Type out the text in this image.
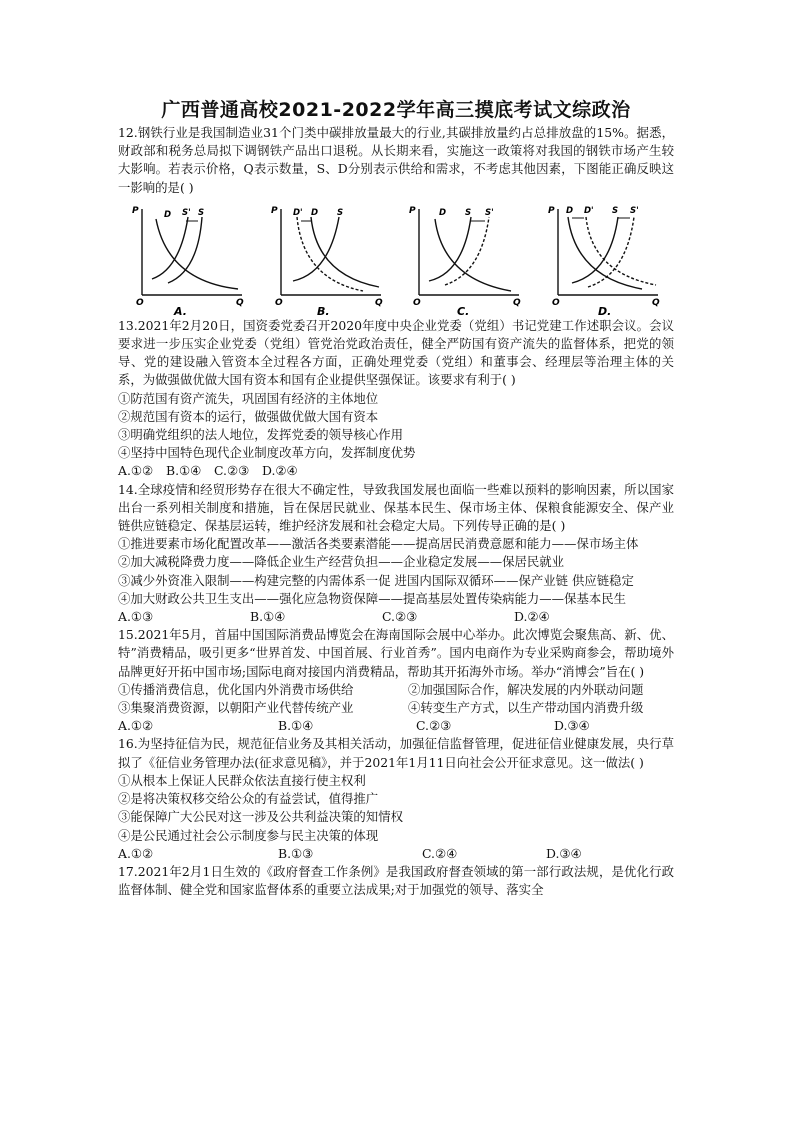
广西普通高校2021-2022学年高三摸底考试文综政治
12.钢铁行业是我国制造业31个门类中碳排放量最大的行业,其碳排放量约占总排放盘的15%。据悉，财政部和税务总局拟下调钢铁产品出口退税。从长期来看，实施这一政策将对我国的钢铁市场产生较大影响。若表示价格，Q表示数量，S、D分别表示供给和需求，不考虑其他因素，下图能正确反映这一影响的是( )
P
Q
O
D S' S
A.
P
Q
O
D' D S
B.
P
Q
O
D S S'
C.
P
Q
O
D D' S S'
D.
13.2021年2月20日，国资委党委召开2020年度中央企业党委（党组）书记党建工作述职会议。会议要求进一步压实企业党委（党组）管党治党政治责任，健全严防国有资产流失的监督体系，把党的领导、党的建设融入管资本全过程各方面，正确处理党委（党组）和董事会、经理层等治理主体的关系，为做强做优做大国有资本和国有企业提供坚强保证。该要求有利于( )
①防范国有资产流失，巩固国有经济的主体地位
②规范国有资本的运行，做强做优做大国有资本
③明确党组织的法人地位，发挥党委的领导核心作用
④坚持中国特色现代企业制度改革方向，发挥制度优势
A.①②	B.①④	C.②③	D.②④
14.全球疫情和经贸形势存在很大不确定性，导致我国发展也面临一些难以预料的影响因素，所以国家出台一系列相关制度和措施，旨在保居民就业、保基本民生、保市场主体、保粮食能源安全、保产业链供应链稳定、保基层运转，维护经济发展和社会稳定大局。下列传导正确的是( )
①推进要素市场化配置改革——激活各类要素潜能——提高居民消费意愿和能力——保市场主体
②加大减税降费力度——降低企业生产经营负担——企业稳定发展——保居民就业
③减少外资准入限制——构建完整的内需体系一促 进国内国际双循环——保产业链 供应链稳定
④加大财政公共卫生支出——强化应急物资保障——提高基层处置传染病能力——保基本民生
A.①③	B.①④	C.②③	D.②④
15.2021年5月，首届中国国际消费品博览会在海南国际会展中心举办。此次博览会聚焦高、新、优、特”消费精品，吸引更多“世界首发、中国首展、行业首秀”。国内电商作为专业采购商参会，帮助境外品牌更好开拓中国市场;国际电商对接国内消费精品，帮助其开拓海外市场。举办“消博会”旨在( )
①传播消费信息，优化国内外消费市场供给	②加强国际合作，解决发展的内外联动问题
③集聚消费资源，以朝阳产业代替传统产业	④转变生产方式，以生产带动国内消费升级
A.①②	B.①④	C.②③	D.③④
16.为坚持征信为民，规范征信业务及其相关活动，加强征信监督管理，促进征信业健康发展，央行草拟了《征信业务管理办法(征求意见稿》，并于2021年1月11日向社会公开征求意见。这一做法( )
①从根本上保证人民群众依法直接行使主权利
②是将决策权移交给公众的有益尝试，值得推广
③能保障广大公民对这一涉及公共利益决策的知情权
④是公民通过社会公示制度参与民主决策的体现
A.①②	B.①③	C.②④	D.③④
17.2021年2月1日生效的《政府督查工作条例》是我国政府督查领域的第一部行政法规，是优化行政监督体制、健全党和国家监督体系的重要立法成果;对于加强党的领导、落实全
